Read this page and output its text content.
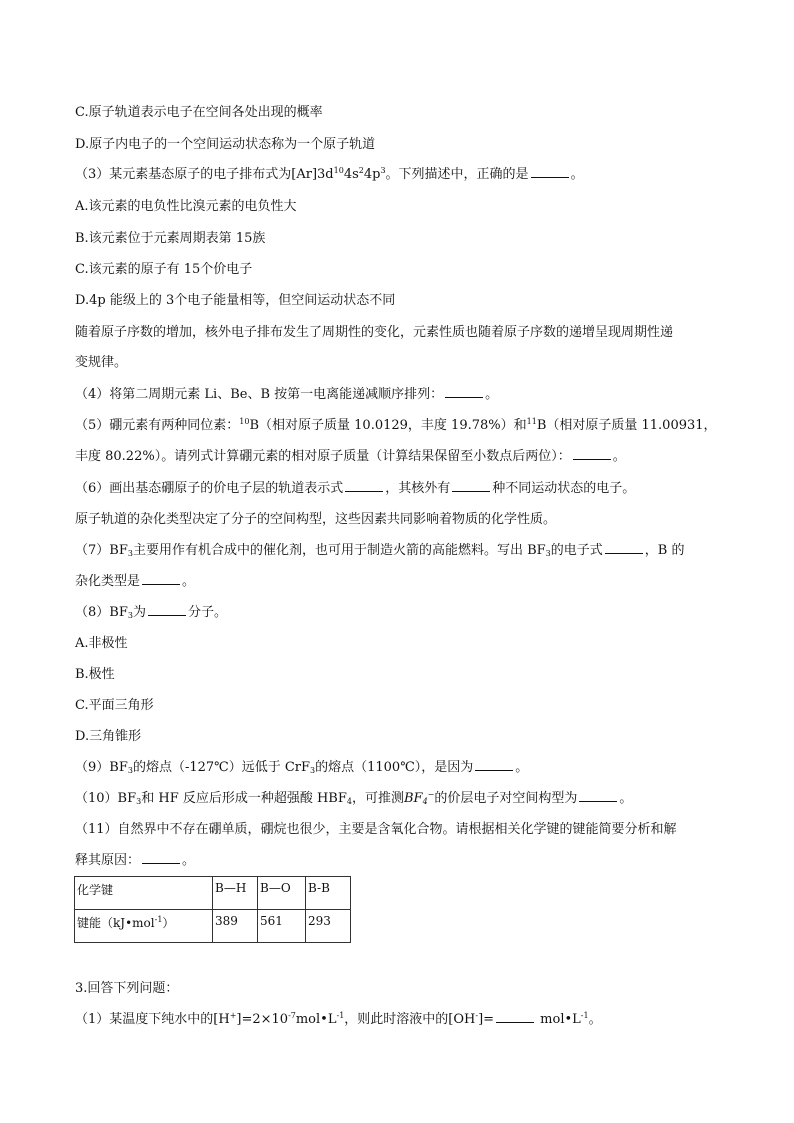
C.原子轨道表示电子在空间各处出现的概率
D.原子内电子的一个空间运动状态称为一个原子轨道
（3）某元素基态原子的电子排布式为$[Ar]3d^{10}4s^24p^3$。下列描述中，正确的是	。
A.该元素的电负性比溴元素的电负性大
B.该元素位于元素周期表第 15族
C.该元素的原子有 15个价电子
D.4p 能级上的 3个电子能量相等，但空间运动状态不同
随着原子序数的增加，核外电子排布发生了周期性的变化，元素性质也随着原子序数的递增呈现周期性递
变规律。
（4）将第二周期元素 Li、Be、B 按第一电离能递减顺序排列：	。
（5）硼元素有两种同位素：$^{10}$B（相对原子质量 10.0129，丰度 19.78%）和$^{11}$B（相对原子质量 11.00931，
丰度 80.22%）。请列式计算硼元素的相对原子质量（计算结果保留至小数点后两位）：	。
（6）画出基态硼原子的价电子层的轨道表示式	，其核外有	种不同运动状态的电子。
原子轨道的杂化类型决定了分子的空间构型，这些因素共同影响着物质的化学性质。
$(7)BF_3$主要用作有机合成中的催化剂，也可用于制造火箭的高能燃料。写出 $BF_3$的电子式	，B 的
杂化类型是	。
$(8)BF_3$为	分子。
A.非极性
B.极性
C.平面三角形
D.三角锥形
$(9)BF_3$的熔点（-127℃）远低于 CrF$_3$的熔点（1100℃），是因为	。
$(10)BF_3$和 HF 反应后形成一种超强酸 $HBF_4$，可推测$BF_4^-$的价层电子对空间构型为	。
（11）自然界中不存在硼单质，硼烷也很少，主要是含氧化合物。请根据相关化学键的键能简要分析和解
释其原因：	。
化学键	B—H	B—O	B-B
键能（kJ•mol$^{-1}$）	389	561	293
3.回答下列问题：
（1）某温度下纯水中的$[H^+]=2\times 10^{-7}mol•L^{-1}$，则此时溶液中的[OH-]=	$mol•L^{-1}$。
